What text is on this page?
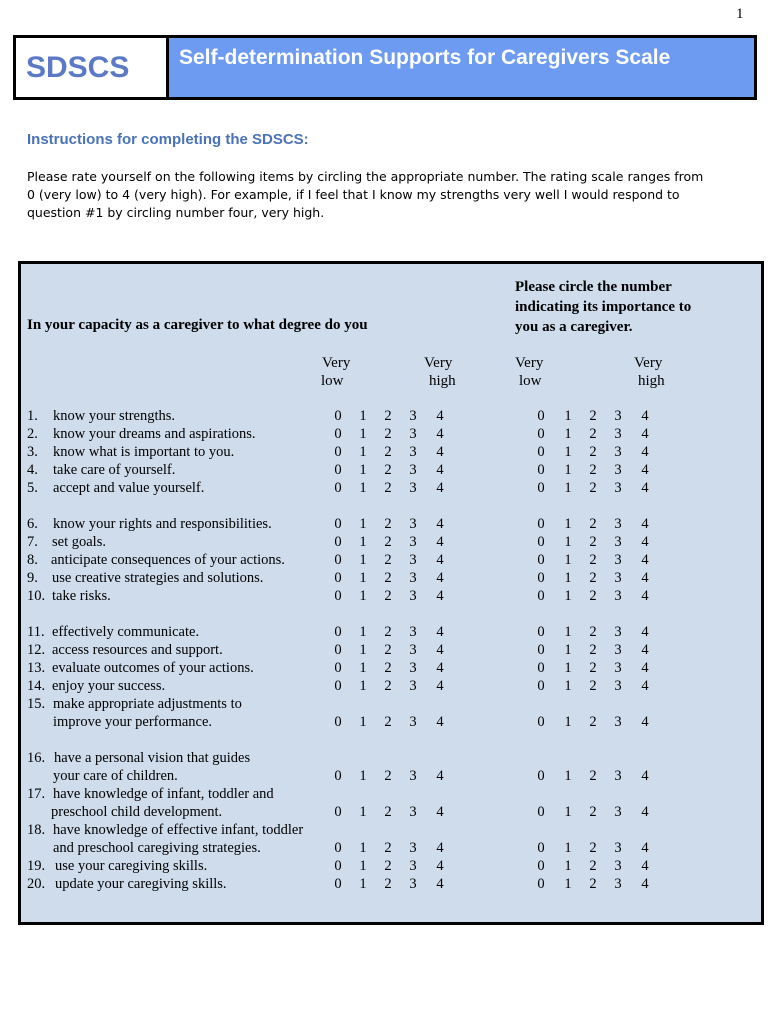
1
SDSCS	Self-determination Supports for Caregivers Scale
Instructions for completing the SDSCS:
Please rate yourself on the following items by circling the appropriate number. The rating scale ranges from
0 (very low) to 4 (very high). For example, if I feel that I know my strengths very well I would respond to
question #1 by circling number four, very high.
In your capacity as a caregiver to what degree do you
Please circle the number
indicating its importance to
you as a caregiver.
Very
low
Very
high
Very
low
Very
high
1. know your strengths.	0 1 2 3 4	0 1 2 3 4
2. know your dreams and aspirations.	0 1 2 3 4	0 1 2 3 4
3. know what is important to you.	0 1 2 3 4	0 1 2 3 4
4. take care of yourself.	0 1 2 3 4	0 1 2 3 4
5. accept and value yourself.	0 1 2 3 4	0 1 2 3 4
6. know your rights and responsibilities.	0 1 2 3 4	0 1 2 3 4
7. set goals.	0 1 2 3 4	0 1 2 3 4
8. anticipate consequences of your actions.	0 1 2 3 4	0 1 2 3 4
9. use creative strategies and solutions.	0 1 2 3 4	0 1 2 3 4
10. take risks.	0 1 2 3 4	0 1 2 3 4
11. effectively communicate.	0 1 2 3 4	0 1 2 3 4
12. access resources and support.	0 1 2 3 4	0 1 2 3 4
13. evaluate outcomes of your actions.	0 1 2 3 4	0 1 2 3 4
14. enjoy your success.	0 1 2 3 4	0 1 2 3 4
15. make appropriate adjustments to
improve your performance.	0 1 2 3 4	0 1 2 3 4
16. have a personal vision that guides
your care of children.	0 1 2 3 4	0 1 2 3 4
17. have knowledge of infant, toddler and
preschool child development.	0 1 2 3 4	0 1 2 3 4
18. have knowledge of effective infant, toddler
and preschool caregiving strategies.	0 1 2 3 4	0 1 2 3 4
19. use your caregiving skills.	0 1 2 3 4	0 1 2 3 4
20. update your caregiving skills.	0 1 2 3 4	0 1 2 3 4
